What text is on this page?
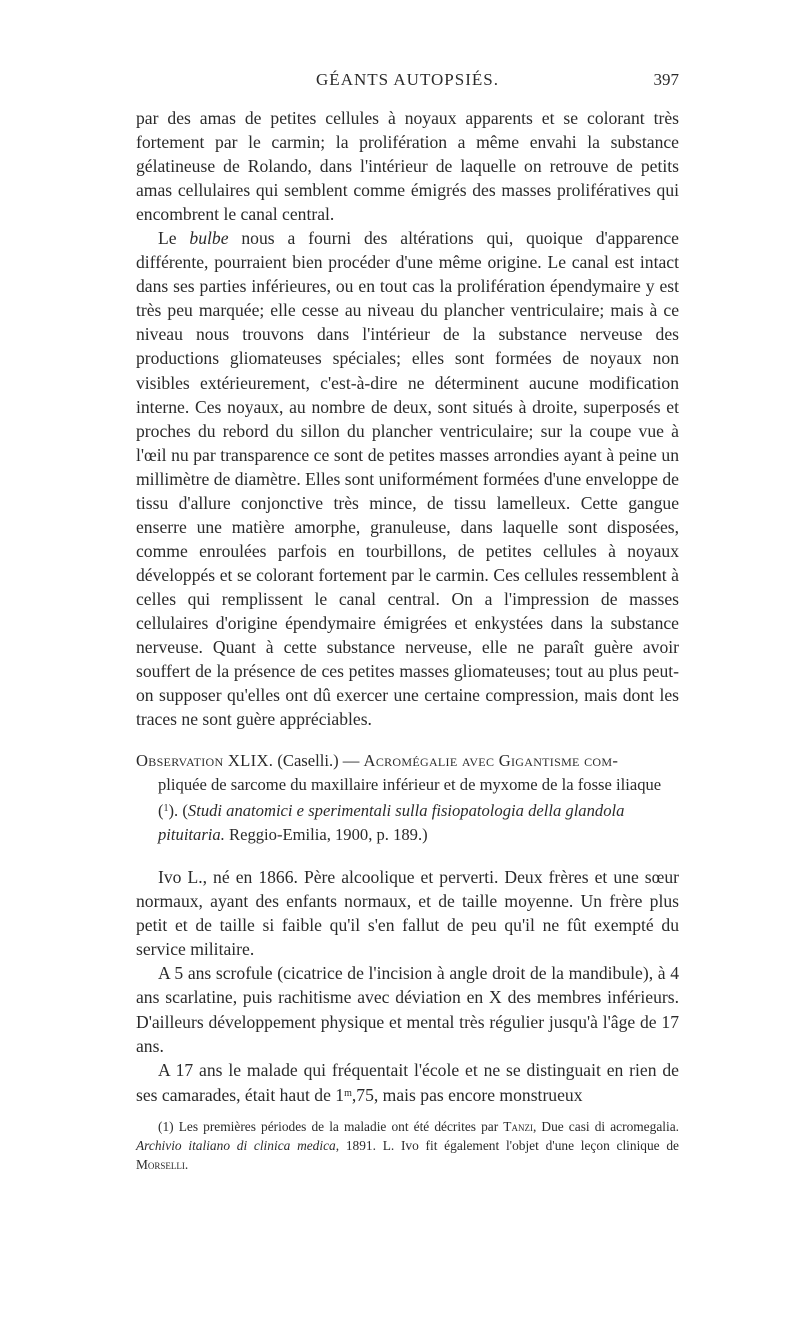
GÉANTS AUTOPSIÉS.	397

par des amas de petites cellules à noyaux apparents et se colorant très fortement par le carmin; la prolifération a même envahi la substance gélatineuse de Rolando, dans l'intérieur de laquelle on retrouve de petits amas cellulaires qui semblent comme émigrés des masses prolifératives qui encombrent le canal central.

Le bulbe nous a fourni des altérations qui, quoique d'apparence différente, pourraient bien procéder d'une même origine. Le canal est intact dans ses parties inférieures, ou en tout cas la prolifération épendymaire y est très peu marquée; elle cesse au niveau du plancher ventriculaire; mais à ce niveau nous trouvons dans l'intérieur de la substance nerveuse des productions gliomateuses spéciales; elles sont formées de noyaux non visibles extérieurement, c'est-à-dire ne déterminent aucune modification interne. Ces noyaux, au nombre de deux, sont situés à droite, superposés et proches du rebord du sillon du plancher ventriculaire; sur la coupe vue à l'œil nu par transparence ce sont de petites masses arrondies ayant à peine un millimètre de diamètre. Elles sont uniformément formées d'une enveloppe de tissu d'allure conjonctive très mince, de tissu lamelleux. Cette gangue enserre une matière amorphe, granuleuse, dans laquelle sont disposées, comme enroulées parfois en tourbillons, de petites cellules à noyaux développés et se colorant fortement par le carmin. Ces cellules ressemblent à celles qui remplissent le canal central. On a l'impression de masses cellulaires d'origine épendymaire émigrées et enkystées dans la substance nerveuse. Quant à cette substance nerveuse, elle ne paraît guère avoir souffert de la présence de ces petites masses gliomateuses; tout au plus peut-on supposer qu'elles ont dû exercer une certaine compression, mais dont les traces ne sont guère appréciables.

Observation XLIX. (Caselli.) — Acromégalie avec Gigantisme com-
pliquée de sarcome du maxillaire inférieur et de myxome de la fosse iliaque ($^1$). (Studi anatomici e sperimentali sulla fisiopatologia della glandola pituitaria. Reggio-Emilia, 1900, p. 189.)

Ivo L., né en 1866. Père alcoolique et perverti. Deux frères et une sœur normaux, ayant des enfants normaux, et de taille moyenne. Un frère plus petit et de taille si faible qu'il s'en fallut de peu qu'il ne fût exempté du service militaire.

A 5 ans scrofule (cicatrice de l'incision à angle droit de la mandibule), à 4 ans scarlatine, puis rachitisme avec déviation en X des membres inférieurs. D'ailleurs développement physique et mental très régulier jusqu'à l'âge de 17 ans.

A 17 ans le malade qui fréquentait l'école et ne se distinguait en rien de ses camarades, était haut de 1$^m$,75, mais pas encore monstrueux

(1) Les premières périodes de la maladie ont été décrites par Tanzi, Due casi di acromegalia. Archivio italiano di clinica medica, 1891. L. Ivo fit également l'objet d'une leçon clinique de Morselli.
